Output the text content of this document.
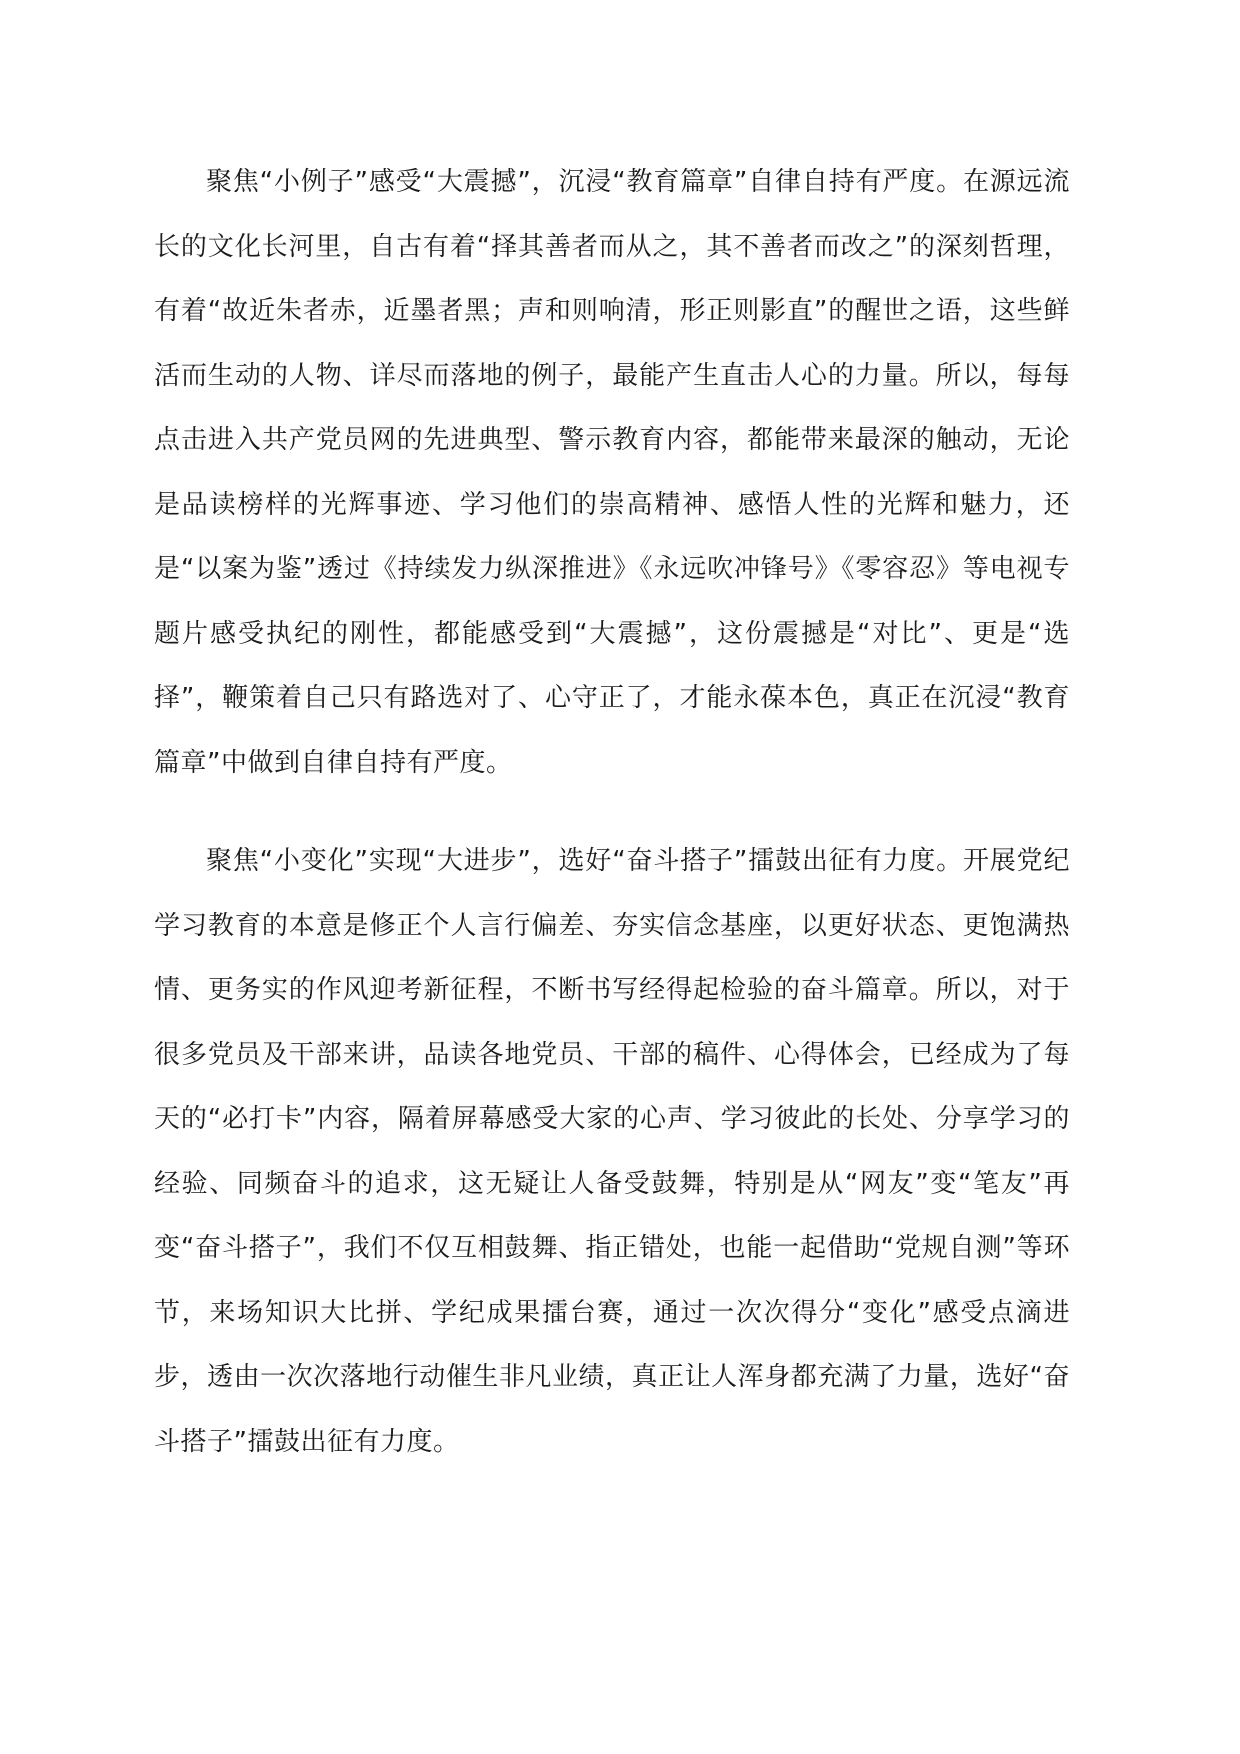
聚焦“小例子”感受“大震撼”，沉浸“教育篇章”自律自持有严度。在源远流长的文化长河里，自古有着“择其善者而从之，其不善者而改之”的深刻哲理，有着“故近朱者赤，近墨者黑；声和则响清，形正则影直”的醒世之语，这些鲜活而生动的人物、详尽而落地的例子，最能产生直击人心的力量。所以，每每点击进入共产党员网的先进典型、警示教育内容，都能带来最深的触动，无论是品读榜样的光辉事迹、学习他们的崇高精神、感悟人性的光辉和魅力，还是“以案为鉴”透过《持续发力纵深推进》《永远吹冲锋号》《零容忍》等电视专题片感受执纪的刚性，都能感受到“大震撼”，这份震撼是“对比”、更是“选择”，鞭策着自己只有路选对了、心守正了，才能永葆本色，真正在沉浸“教育篇章”中做到自律自持有严度。

聚焦“小变化”实现“大进步”，选好“奋斗搭子”擂鼓出征有力度。开展党纪学习教育的本意是修正个人言行偏差、夯实信念基座，以更好状态、更饱满热情、更务实的作风迎考新征程，不断书写经得起检验的奋斗篇章。所以，对于很多党员及干部来讲，品读各地党员、干部的稿件、心得体会，已经成为了每天的“必打卡”内容，隔着屏幕感受大家的心声、学习彼此的长处、分享学习的经验、同频奋斗的追求，这无疑让人备受鼓舞，特别是从“网友”变“笔友”再变“奋斗搭子”，我们不仅互相鼓舞、指正错处，也能一起借助“党规自测”等环节，来场知识大比拼、学纪成果擂台赛，通过一次次得分“变化”感受点滴进步，透由一次次落地行动催生非凡业绩，真正让人浑身都充满了力量，选好“奋斗搭子”擂鼓出征有力度。
